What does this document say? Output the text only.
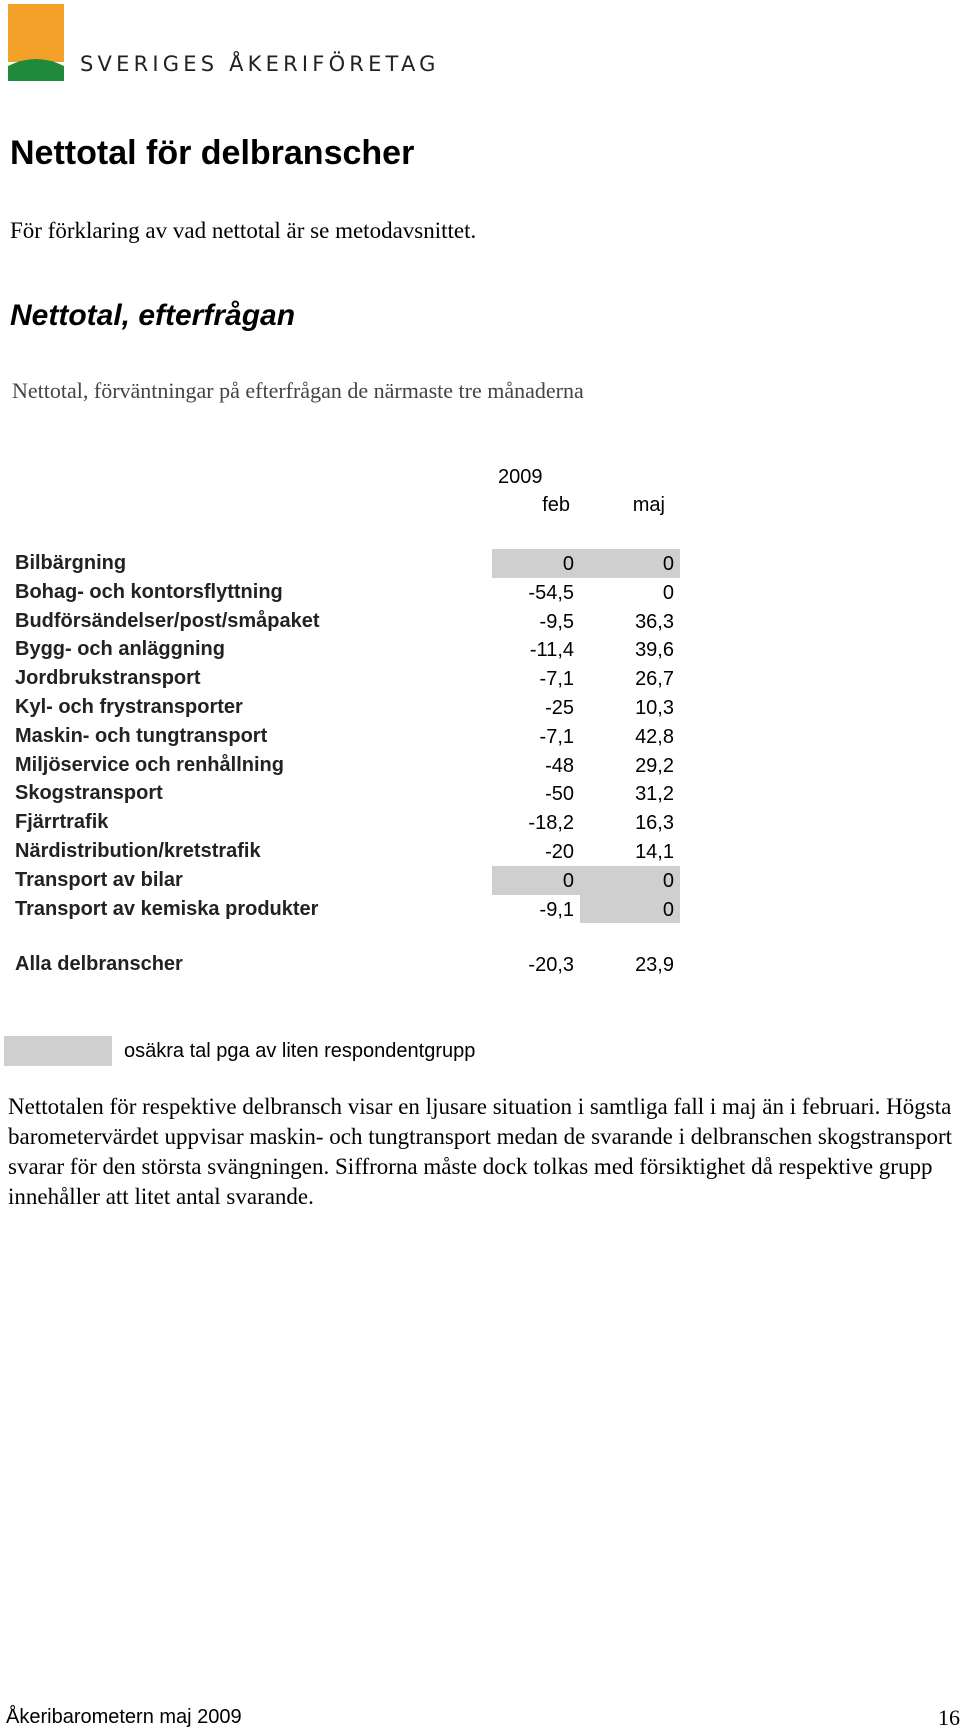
SVERIGES ÅKERIFÖRETAG
Nettotal för delbranscher
För förklaring av vad nettotal är se metodavsnittet.
Nettotal, efterfrågan
Nettotal, förväntningar på efterfrågan de närmaste tre månaderna
2009
feb	maj
Bilbärgning	0	0
Bohag- och kontorsflyttning	-54,5	0
Budförsändelser/post/småpaket	-9,5	36,3
Bygg- och anläggning	-11,4	39,6
Jordbrukstransport	-7,1	26,7
Kyl- och frystransporter	-25	10,3
Maskin- och tungtransport	-7,1	42,8
Miljöservice och renhållning	-48	29,2
Skogstransport	-50	31,2
Fjärrtrafik	-18,2	16,3
Närdistribution/kretstrafik	-20	14,1
Transport av bilar	0	0
Transport av kemiska produkter	-9,1	0
Alla delbranscher	-20,3	23,9
osäkra tal pga av liten respondentgrupp
Nettotalen för respektive delbransch visar en ljusare situation i samtliga fall i maj än i februari. Högsta barometervärdet uppvisar maskin- och tungtransport medan de svarande i delbranschen skogstransport svarar för den största svängningen. Siffrorna måste dock tolkas med försiktighet då respektive grupp innehåller att litet antal svarande.
Åkeribarometern maj 2009	16
